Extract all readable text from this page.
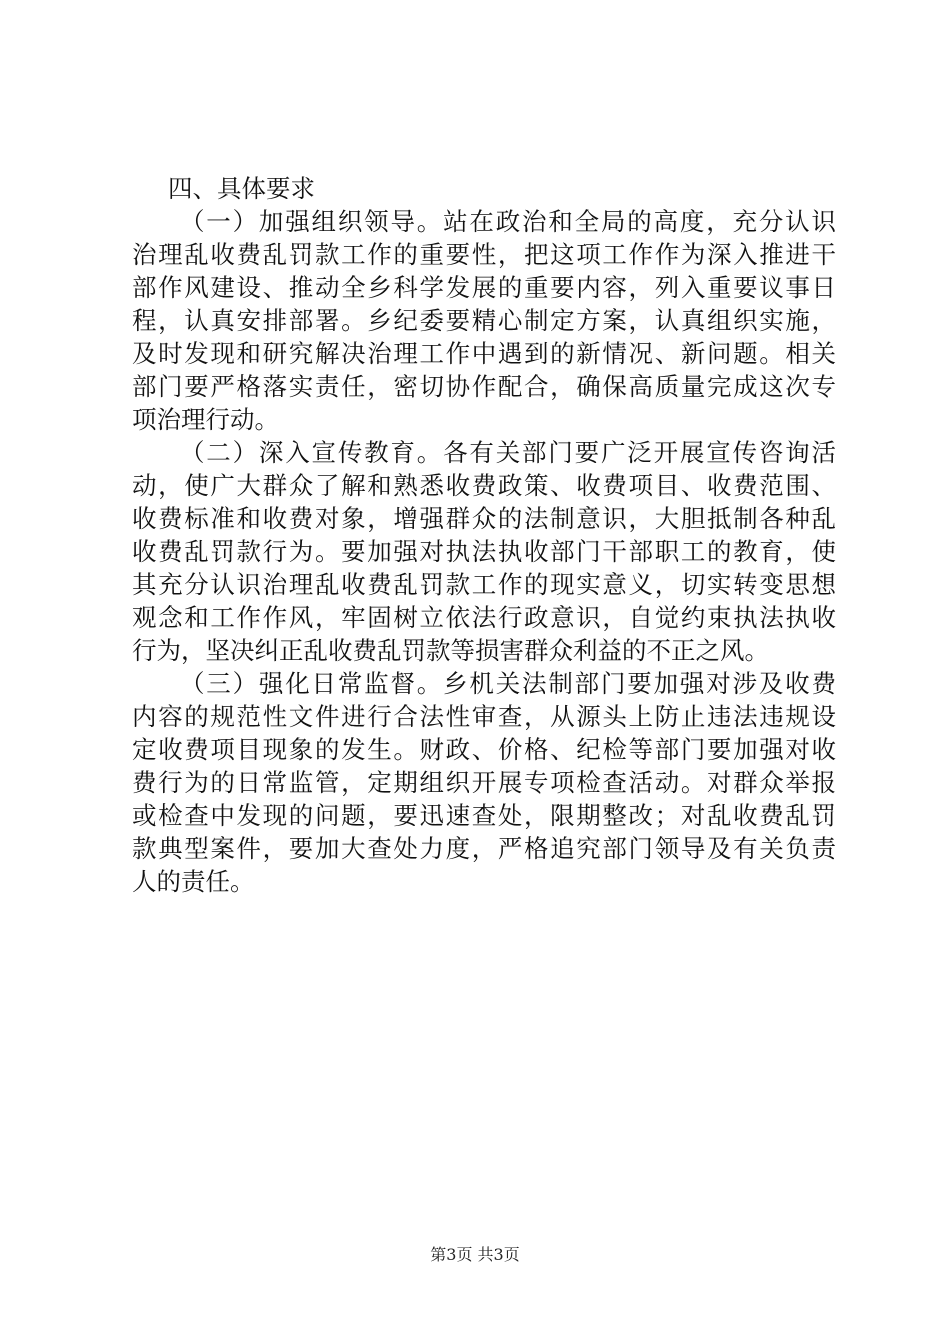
四、具体要求
（一）加强组织领导。站在政治和全局的高度，充分认识
治理乱收费乱罚款工作的重要性，把这项工作作为深入推进干
部作风建设、推动全乡科学发展的重要内容，列入重要议事日
程，认真安排部署。乡纪委要精心制定方案，认真组织实施，
及时发现和研究解决治理工作中遇到的新情况、新问题。相关
部门要严格落实责任，密切协作配合，确保高质量完成这次专
项治理行动。
（二）深入宣传教育。各有关部门要广泛开展宣传咨询活
动，使广大群众了解和熟悉收费政策、收费项目、收费范围、
收费标准和收费对象，增强群众的法制意识，大胆抵制各种乱
收费乱罚款行为。要加强对执法执收部门干部职工的教育，使
其充分认识治理乱收费乱罚款工作的现实意义，切实转变思想
观念和工作作风，牢固树立依法行政意识，自觉约束执法执收
行为，坚决纠正乱收费乱罚款等损害群众利益的不正之风。
（三）强化日常监督。乡机关法制部门要加强对涉及收费
内容的规范性文件进行合法性审查，从源头上防止违法违规设
定收费项目现象的发生。财政、价格、纪检等部门要加强对收
费行为的日常监管，定期组织开展专项检查活动。对群众举报
或检查中发现的问题，要迅速查处，限期整改；对乱收费乱罚
款典型案件，要加大查处力度，严格追究部门领导及有关负责
人的责任。
第3页 共3页
